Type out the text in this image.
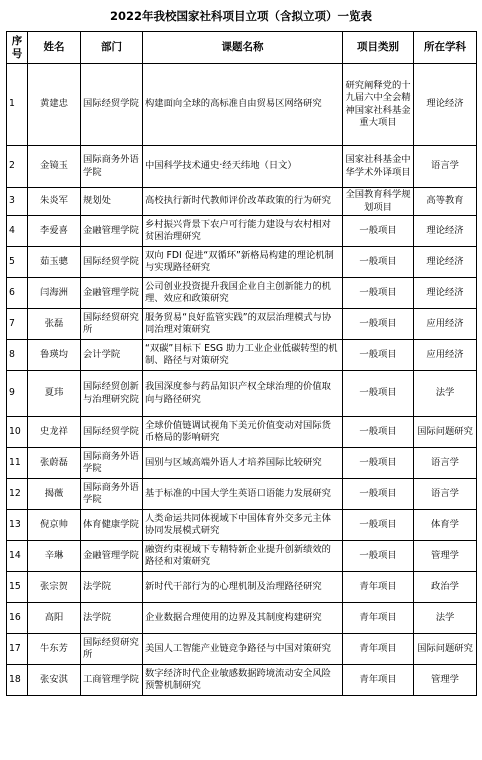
2022年我校国家社科项目立项（含拟立项）一览表
序号	姓名	部门	课题名称	项目类别	所在学科
1	黄建忠	国际经贸学院	构建面向全球的高标准自由贸易区网络研究	研究阐释党的十九届六中全会精神国家社科基金重大项目	理论经济
2	金镜玉	国际商务外语学院	中国科学技术通史·经天纬地（日文）	国家社科基金中华学术外译项目	语言学
3	朱炎军	规划处	高校执行新时代教师评价改革政策的行为研究	全国教育科学规划项目	高等教育
4	李爱喜	金融管理学院	乡村振兴背景下农户可行能力建设与农村相对贫困治理研究	一般项目	理论经济
5	茹玉骢	国际经贸学院	双向 FDI 促进“双循环”新格局构建的理论机制与实现路径研究	一般项目	理论经济
6	闫海洲	金融管理学院	公司创业投资提升我国企业自主创新能力的机理、效应和政策研究	一般项目	理论经济
7	张磊	国际经贸研究所	服务贸易“良好监管实践”的双层治理模式与协同治理对策研究	一般项目	应用经济
8	鲁瑛均	会计学院	“双碳”目标下 ESG 助力工业企业低碳转型的机制、路径与对策研究	一般项目	应用经济
9	夏玮	国际经贸创新与治理研究院	我国深度参与药品知识产权全球治理的价值取向与路径研究	一般项目	法学
10	史龙祥	国际经贸学院	全球价值链调试视角下美元价值变动对国际货币格局的影响研究	一般项目	国际问题研究
11	张蔚磊	国际商务外语学院	国别与区域高端外语人才培养国际比较研究	一般项目	语言学
12	揭薇	国际商务外语学院	基于标准的中国大学生英语口语能力发展研究	一般项目	语言学
13	倪京帅	体育健康学院	人类命运共同体视域下中国体育外交多元主体协同发展模式研究	一般项目	体育学
14	辛琳	金融管理学院	融资约束视域下专精特新企业提升创新绩效的路径和对策研究	一般项目	管理学
15	张宗贺	法学院	新时代干部行为的心理机制及治理路径研究	青年项目	政治学
16	高阳	法学院	企业数据合理使用的边界及其制度构建研究	青年项目	法学
17	牛东芳	国际经贸研究所	美国人工智能产业链竞争路径与中国对策研究	青年项目	国际问题研究
18	张安淇	工商管理学院	数字经济时代企业敏感数据跨境流动安全风险预警机制研究	青年项目	管理学
